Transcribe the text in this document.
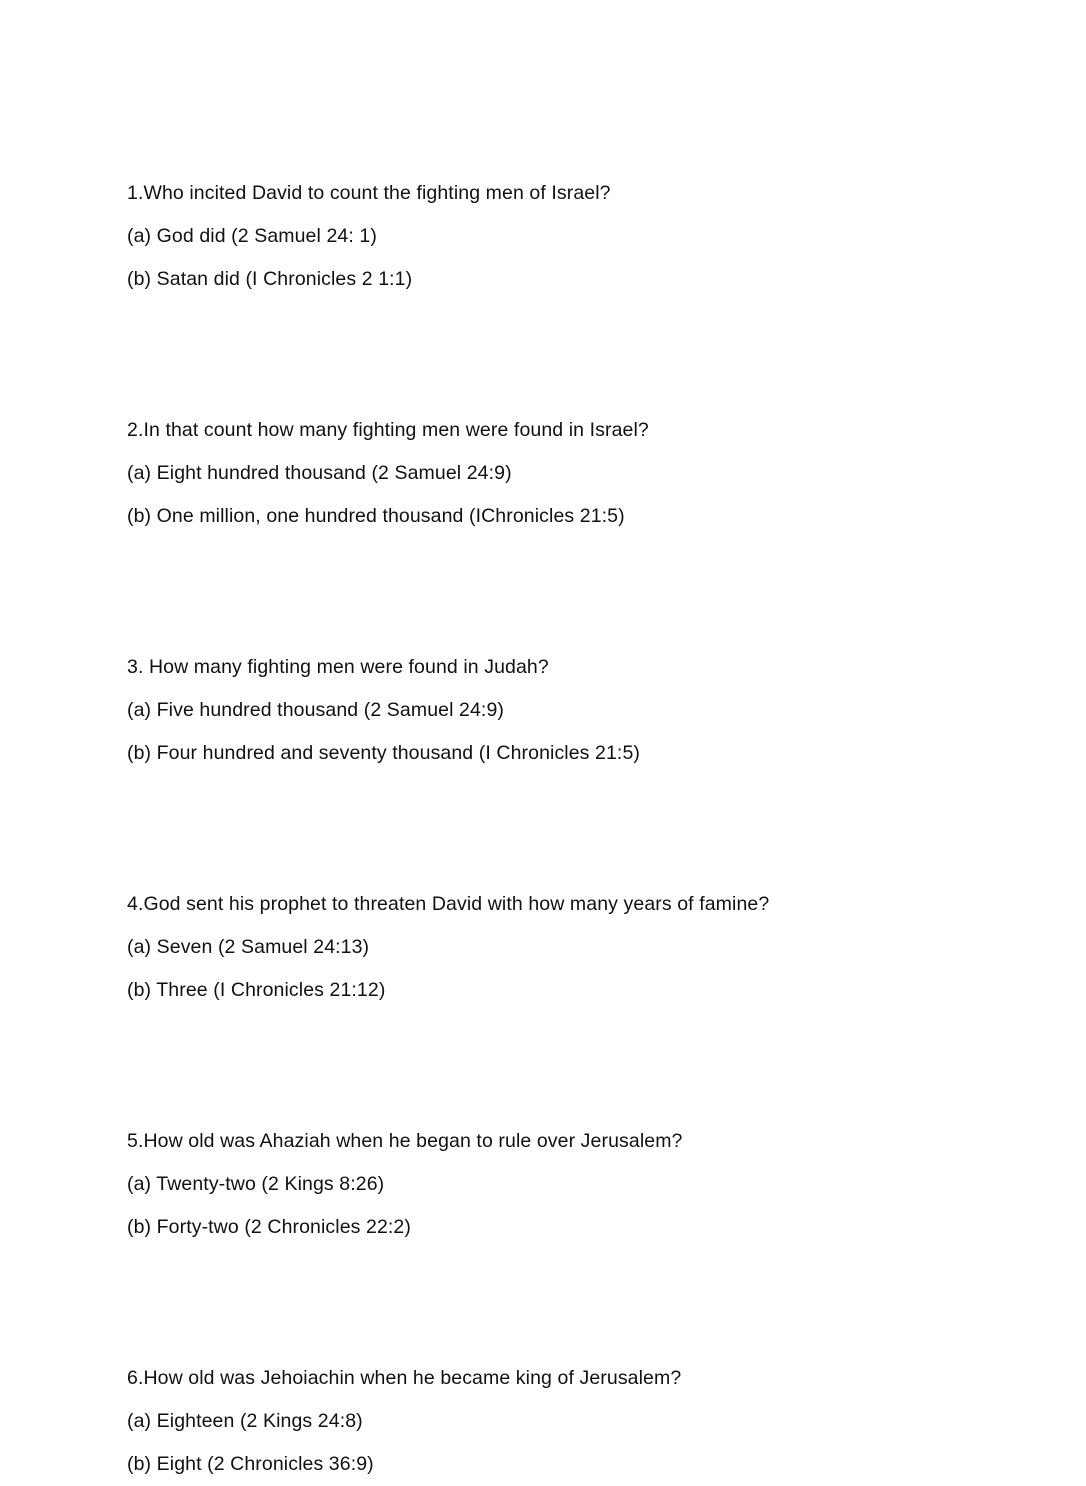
1.Who incited David to count the fighting men of Israel?
(a) God did (2 Samuel 24: 1)
(b) Satan did (I Chronicles 2 1:1)
2.In that count how many fighting men were found in Israel?
(a) Eight hundred thousand (2 Samuel 24:9)
(b) One million, one hundred thousand (IChronicles 21:5)
3. How many fighting men were found in Judah?
(a) Five hundred thousand (2 Samuel 24:9)
(b) Four hundred and seventy thousand (I Chronicles 21:5)
4.God sent his prophet to threaten David with how many years of famine?
(a) Seven (2 Samuel 24:13)
(b) Three (I Chronicles 21:12)
5.How old was Ahaziah when he began to rule over Jerusalem?
(a) Twenty-two (2 Kings 8:26)
(b) Forty-two (2 Chronicles 22:2)
6.How old was Jehoiachin when he became king of Jerusalem?
(a) Eighteen (2 Kings 24:8)
(b) Eight (2 Chronicles 36:9)
